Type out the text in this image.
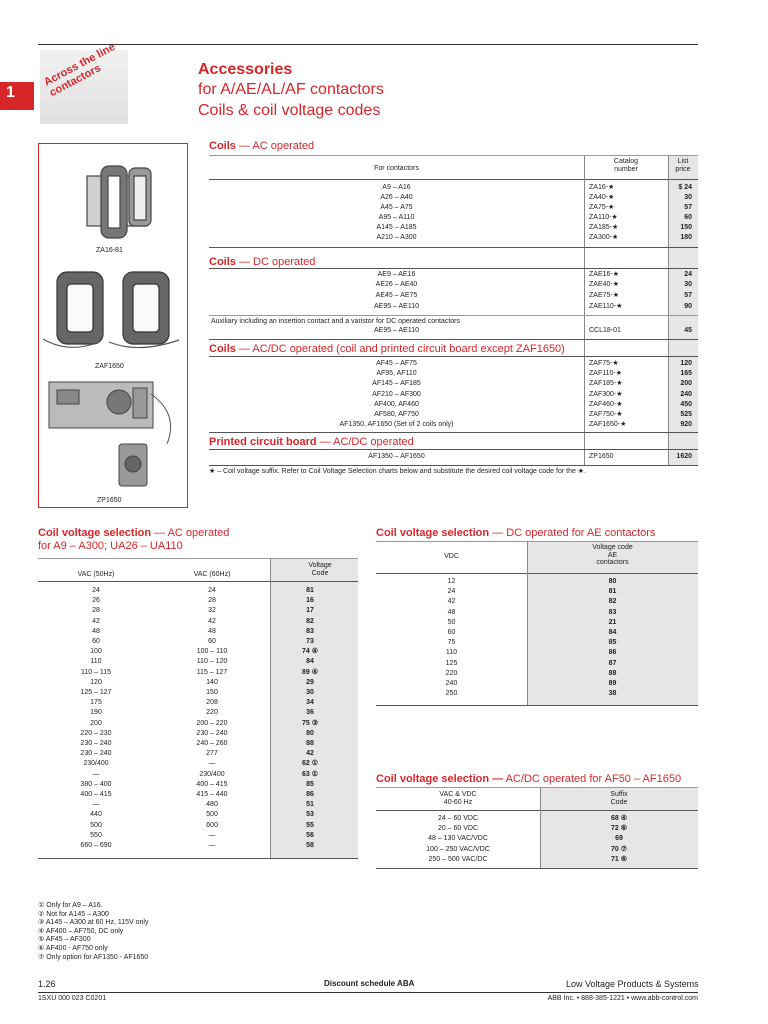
1
Across the line contactors	Accessories
for A/AE/AL/AF contactors
Coils & coil voltage codes
ZA16-81
ZAF1650
ZP1650
Coils — AC operated
For contactors
Catalog
number
List
price
A9 – A16	ZA16-★	$ 24
A26 – A40	ZA40-★	30
A45 – A75	ZA75-★	57
A95 – A110	ZA110-★	60
A145 – A185	ZA185-★	150
A210 – A300	ZA300-★	180
Coils — DC operated
AE9 – AE16	ZAE16-★	24
AE26 – AE40	ZAE40-★	30
AE45 – AE75	ZAE75-★	57
AE95 – AE110	ZAE110-★	90
Auxiliary including an insertion contact and a varistor for DC operated contactors
AE95 – AE110	CCL18-01	45
Coils — AC/DC operated (coil and printed circuit board except ZAF1650)
AF45 – AF75	ZAF75-★	120
AF95, AF110	ZAF110-★	165
AF145 – AF185	ZAF185-★	200
AF210 – AF300	ZAF300-★	240
AF400, AF460	ZAF460-★	450
AF580, AF750	ZAF750-★	525
AF1350, AF1650 (Set of 2 coils only)	ZAF1650-★	920
Printed circuit board — AC/DC operated
AF1350 – AF1650	ZP1650	1620
★ – Coil voltage suffix. Refer to Coil Voltage Selection charts below and substitute the desired coil voltage code for the ★.
Coil voltage selection — AC operated
for A9 – A300; UA26 – UA110
VAC (50Hz)	VAC (60Hz)
Voltage
Code
24	24	81
26	28	16
28	32	17
42	42	82
48	48	83
60	60	73
100	100 – 110	74 ④
110	110 – 120	84
110 – 115	115 – 127	89 ④
120	140	29
125 – 127	150	30
175	208	34
190	220	36
200	200 – 220	75 ③
220 – 230	230 – 240	80
230 – 240	240 – 260	88
230 – 240	277	42
230/400	—	62 ①
—	230/400	63 ①
380 – 400	400 – 415	85
400 – 415	415 – 440	86
—	480	51
440	500	53
500	600	55
550	—	56
660 – 690	—	58
Coil voltage selection — DC operated for AE contactors
VDC
Voltage code
AE
contactors
12	80
24	81
42	82
48	83
50	21
60	84
75	85
110	86
125	87
220	88
240	89
250	38
Coil voltage selection — AC/DC operated for AF50 – AF1650
VAC & VDC
40-60 Hz
Suffix
Code
24 – 60 VDC	68 ④
20 – 60 VDC	72 ⑥
48 – 130 VAC/VDC	69
100 – 250 VAC/VDC	70 ⑦
250 – 500 VAC/DC	71 ⑥
① Only for A9 – A16.
② Not for A145 – A300
③ A145 – A300 at 60 Hz, 115V only
④ AF400 – AF750, DC only
⑤ AF45 – AF300
⑥ AF400 - AF750 only
⑦ Only option for AF1350 - AF1650
1.26	Discount schedule ABA	Low Voltage Products & Systems
1SXU 000 023 C0201	ABB Inc. • 888-385-1221 • www.abb-control.com
